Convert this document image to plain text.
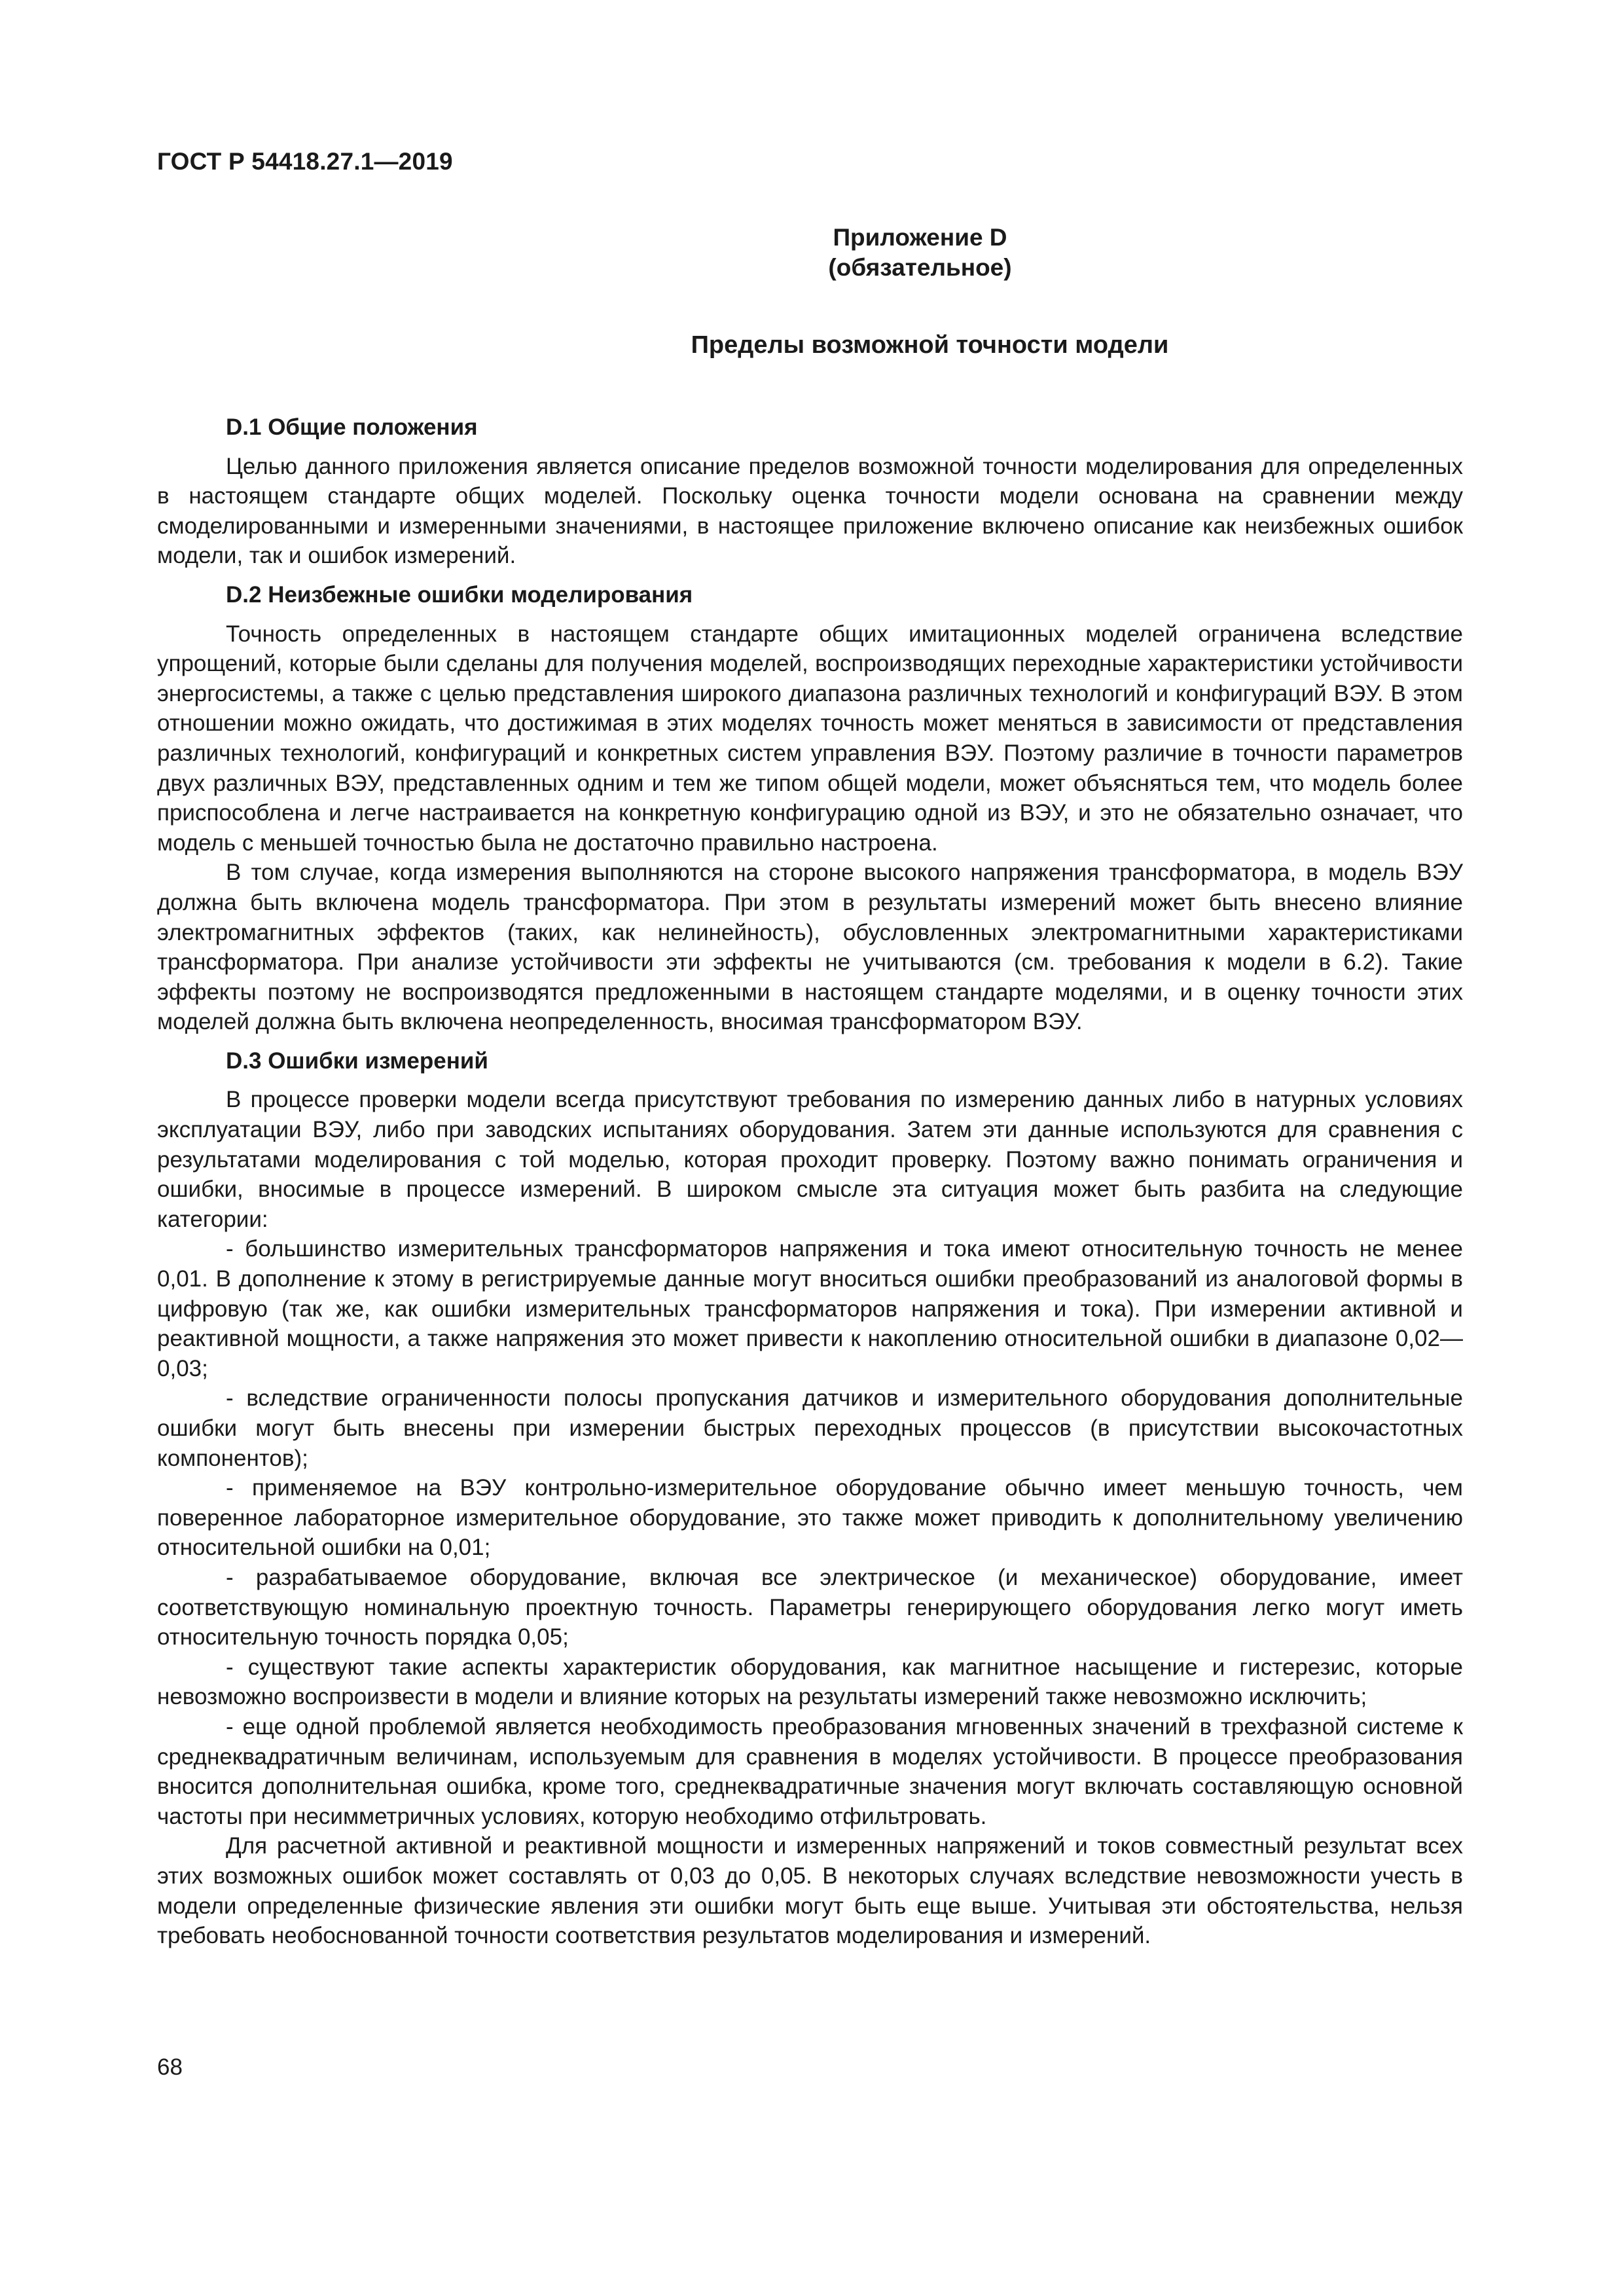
ГОСТ Р 54418.27.1—2019
Приложение D
(обязательное)
Пределы возможной точности модели
D.1 Общие положения

Целью данного приложения является описание пределов возможной точности моделирования для определенных в настоящем стандарте общих моделей. Поскольку оценка точности модели основана на сравнении между смоделированными и измеренными значениями, в настоящее приложение включено описание как неизбежных ошибок модели, так и ошибок измерений.

D.2 Неизбежные ошибки моделирования

Точность определенных в настоящем стандарте общих имитационных моделей ограничена вследствие упрощений, которые были сделаны для получения моделей, воспроизводящих переходные характеристики устойчивости энергосистемы, а также с целью представления широкого диапазона различных технологий и конфигураций ВЭУ. В этом отношении можно ожидать, что достижимая в этих моделях точность может меняться в зависимости от представления различных технологий, конфигураций и конкретных систем управления ВЭУ. Поэтому различие в точности параметров двух различных ВЭУ, представленных одним и тем же типом общей модели, может объясняться тем, что модель более приспособлена и легче настраивается на конкретную конфигурацию одной из ВЭУ, и это не обязательно означает, что модель с меньшей точностью была не достаточно правильно настроена.

В том случае, когда измерения выполняются на стороне высокого напряжения трансформатора, в модель ВЭУ должна быть включена модель трансформатора. При этом в результаты измерений может быть внесено влияние электромагнитных эффектов (таких, как нелинейность), обусловленных электромагнитными характеристиками трансформатора. При анализе устойчивости эти эффекты не учитываются (см. требования к модели в 6.2). Такие эффекты поэтому не воспроизводятся предложенными в настоящем стандарте моделями, и в оценку точности этих моделей должна быть включена неопределенность, вносимая трансформатором ВЭУ.

D.3 Ошибки измерений

В процессе проверки модели всегда присутствуют требования по измерению данных либо в натурных условиях эксплуатации ВЭУ, либо при заводских испытаниях оборудования. Затем эти данные используются для сравнения с результатами моделирования с той моделью, которая проходит проверку. Поэтому важно понимать ограничения и ошибки, вносимые в процессе измерений. В широком смысле эта ситуация может быть разбита на следующие категории:

- большинство измерительных трансформаторов напряжения и тока имеют относительную точность не менее 0,01. В дополнение к этому в регистрируемые данные могут вноситься ошибки преобразований из аналоговой формы в цифровую (так же, как ошибки измерительных трансформаторов напряжения и тока). При измерении активной и реактивной мощности, а также напряжения это может привести к накоплению относительной ошибки в диапазоне 0,02—0,03;

- вследствие ограниченности полосы пропускания датчиков и измерительного оборудования дополнительные ошибки могут быть внесены при измерении быстрых переходных процессов (в присутствии высокочастотных компонентов);

- применяемое на ВЭУ контрольно-измерительное оборудование обычно имеет меньшую точность, чем поверенное лабораторное измерительное оборудование, это также может приводить к дополнительному увеличению относительной ошибки на 0,01;

- разрабатываемое оборудование, включая все электрическое (и механическое) оборудование, имеет соответствующую номинальную проектную точность. Параметры генерирующего оборудования легко могут иметь относительную точность порядка 0,05;

- существуют такие аспекты характеристик оборудования, как магнитное насыщение и гистерезис, которые невозможно воспроизвести в модели и влияние которых на результаты измерений также невозможно исключить;

- еще одной проблемой является необходимость преобразования мгновенных значений в трехфазной системе к среднеквадратичным величинам, используемым для сравнения в моделях устойчивости. В процессе преобразования вносится дополнительная ошибка, кроме того, среднеквадратичные значения могут включать составляющую основной частоты при несимметричных условиях, которую необходимо отфильтровать.

Для расчетной активной и реактивной мощности и измеренных напряжений и токов совместный результат всех этих возможных ошибок может составлять от 0,03 до 0,05. В некоторых случаях вследствие невозможности учесть в модели определенные физические явления эти ошибки могут быть еще выше. Учитывая эти обстоятельства, нельзя требовать необоснованной точности соответствия результатов моделирования и измерений.

68
